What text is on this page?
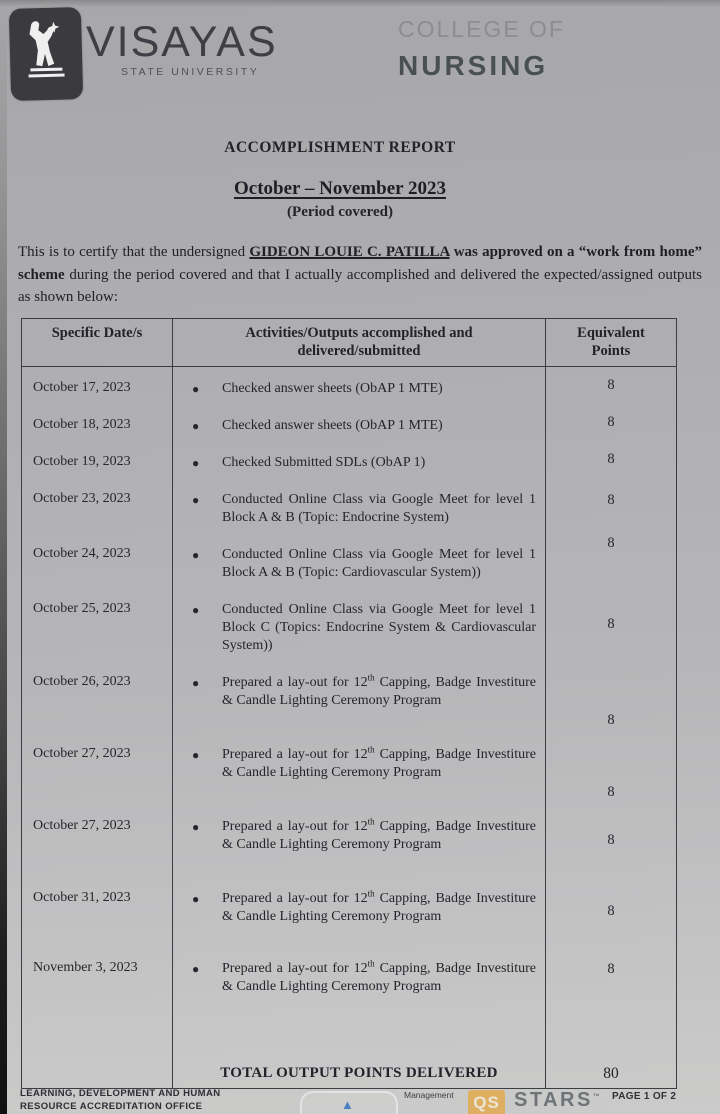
VISAYAS
STATE UNIVERSITY
COLLEGE OF
NURSING
ACCOMPLISHMENT REPORT
October – November 2023
(Period covered)

This is to certify that the undersigned GIDEON LOUIE C. PATILLA was approved on a “work from home” scheme during the period covered and that I actually accomplished and delivered the expected/assigned outputs as shown below:

Specific Date/s	Activities/Outputs accomplished and delivered/submitted	Equivalent Points
October 17, 2023	● Checked answer sheets (ObAP 1 MTE)	8
October 18, 2023	● Checked answer sheets (ObAP 1 MTE)	8
October 19, 2023	● Checked Submitted SDLs (ObAP 1)	8
October 23, 2023	● Conducted Online Class via Google Meet for level 1 Block A & B (Topic: Endocrine System)	8
October 24, 2023	● Conducted Online Class via Google Meet for level 1 Block A & B (Topic: Cardiovascular System))	8
October 25, 2023	● Conducted Online Class via Google Meet for level 1 Block C (Topics: Endocrine System & Cardiovascular System))	8
October 26, 2023	● Prepared a lay-out for 12th Capping, Badge Investiture & Candle Lighting Ceremony Program	8
October 27, 2023	● Prepared a lay-out for 12th Capping, Badge Investiture & Candle Lighting Ceremony Program	8
October 27, 2023	● Prepared a lay-out for 12th Capping, Badge Investiture & Candle Lighting Ceremony Program	8
October 31, 2023	● Prepared a lay-out for 12th Capping, Badge Investiture & Candle Lighting Ceremony Program	8
November 3, 2023	● Prepared a lay-out for 12th Capping, Badge Investiture & Candle Lighting Ceremony Program	8

	TOTAL OUTPUT POINTS DELIVERED	80
LEARNING, DEVELOPMENT AND HUMAN
RESOURCE ACCREDITATION OFFICE	▲
Management	QS STARS™ PAGE 1 OF 2
